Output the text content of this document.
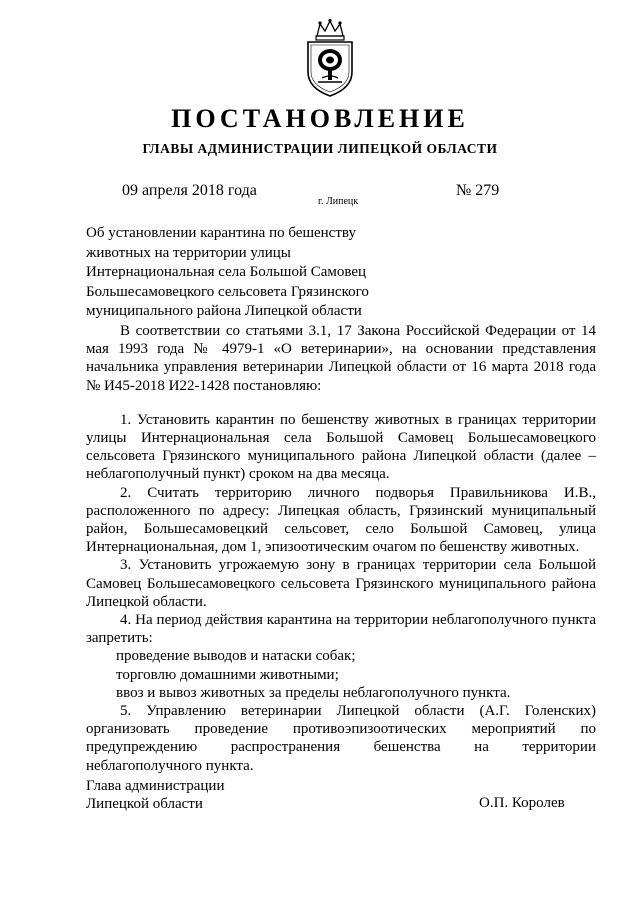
ПОСТАНОВЛЕНИЕ
ГЛАВЫ АДМИНИСТРАЦИИ ЛИПЕЦКОЙ ОБЛАСТИ
09 апреля 2018 года
г. Липецк
№ 279
Об установлении карантина по бешенству
животных на территории улицы
Интернациональная села Большой Самовец
Большесамовецкого сельсовета Грязинского
муниципального района Липецкой области

В соответствии со статьями 3.1, 17 Закона Российской Федерации от 14 мая 1993 года № 4979-1 «О ветеринарии», на основании представления начальника управления ветеринарии Липецкой области от 16 марта 2018 года № И45-2018 И22-1428 постановляю:

1. Установить карантин по бешенству животных в границах территории улицы Интернациональная села Большой Самовец Большесамовецкого сельсовета Грязинского муниципального района Липецкой области (далее – неблагополучный пункт) сроком на два месяца.

2. Считать территорию личного подворья Правильникова И.В., расположенного по адресу: Липецкая область, Грязинский муниципальный район, Большесамовецкий сельсовет, село Большой Самовец, улица Интернациональная, дом 1, эпизоотическим очагом по бешенству животных.

3. Установить угрожаемую зону в границах территории села Большой Самовец Большесамовецкого сельсовета Грязинского муниципального района Липецкой области.

4. На период действия карантина на территории неблагополучного пункта запретить:

проведение выводов и натаски собак;

торговлю домашними животными;

ввоз и вывоз животных за пределы неблагополучного пункта.

5. Управлению ветеринарии Липецкой области (А.Г. Голенских) организовать проведение противоэпизоотических мероприятий по предупреждению распространения бешенства на территории неблагополучного пункта.

Глава администрации
Липецкой области	О.П. Королев
